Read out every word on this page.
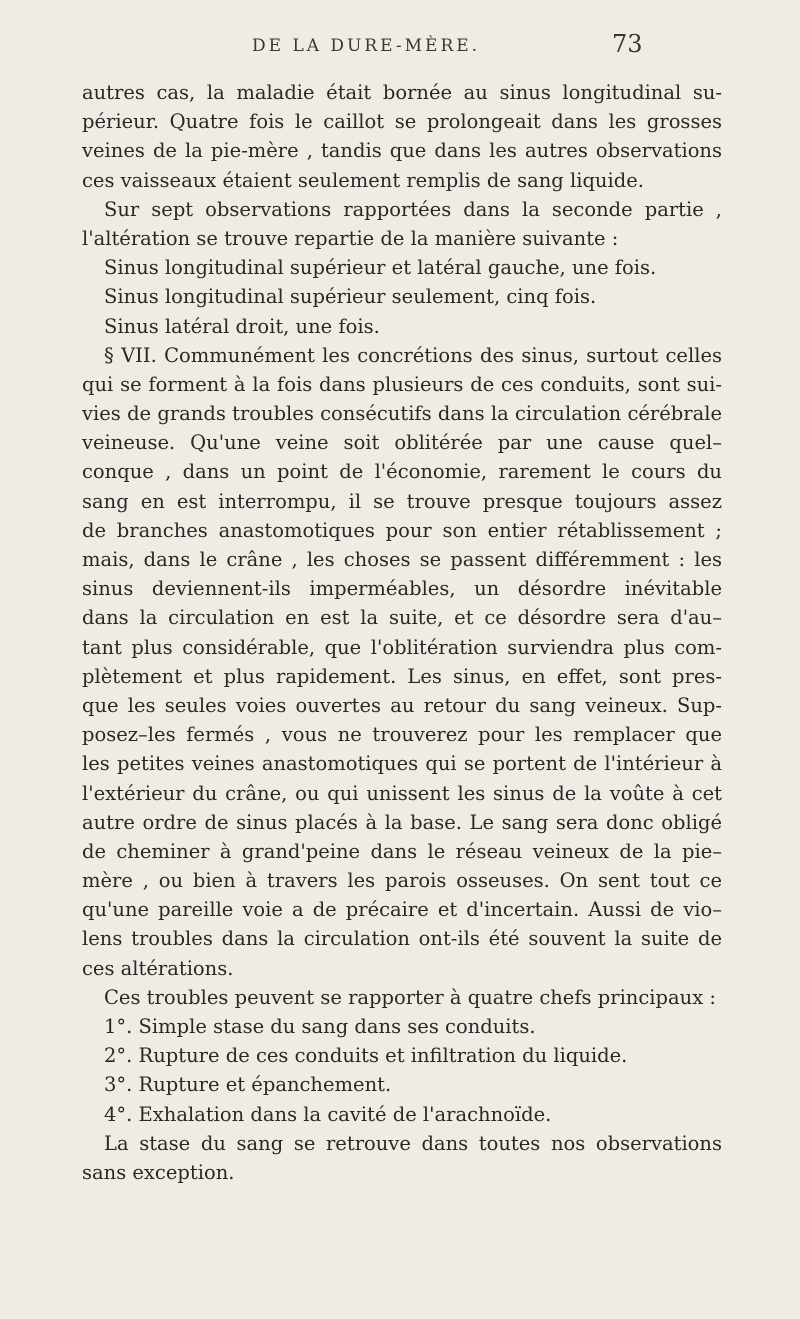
DE LA DURE-MÈRE.	73
autres cas, la maladie était bornée au sinus longitudinal su-
périeur. Quatre fois le caillot se prolongeait dans les grosses
veines de la pie-mère , tandis que dans les autres observations
ces vaisseaux étaient seulement remplis de sang liquide.
Sur sept observations rapportées dans la seconde partie ,
l'altération se trouve repartie de la manière suivante :
Sinus longitudinal supérieur et latéral gauche, une fois.
Sinus longitudinal supérieur seulement, cinq fois.
Sinus latéral droit, une fois.
§ VII. Communément les concrétions des sinus, surtout celles
qui se forment à la fois dans plusieurs de ces conduits, sont sui-
vies de grands troubles consécutifs dans la circulation cérébrale
veineuse. Qu'une veine soit oblitérée par une cause quel–
conque , dans un point de l'économie, rarement le cours du
sang en est interrompu, il se trouve presque toujours assez
de branches anastomotiques pour son entier rétablissement ;
mais, dans le crâne , les choses se passent différemment : les
sinus deviennent-ils imperméables, un désordre inévitable
dans la circulation en est la suite, et ce désordre sera d'au–
tant plus considérable, que l'oblitération surviendra plus com-
plètement et plus rapidement. Les sinus, en effet, sont pres-
que les seules voies ouvertes au retour du sang veineux. Sup-
posez–les fermés , vous ne trouverez pour les remplacer que
les petites veines anastomotiques qui se portent de l'intérieur à
l'extérieur du crâne, ou qui unissent les sinus de la voûte à cet
autre ordre de sinus placés à la base. Le sang sera donc obligé
de cheminer à grand'peine dans le réseau veineux de la pie–
mère , ou bien à travers les parois osseuses. On sent tout ce
qu'une pareille voie a de précaire et d'incertain. Aussi de vio–
lens troubles dans la circulation ont-ils été souvent la suite de
ces altérations.
Ces troubles peuvent se rapporter à quatre chefs principaux :
1°. Simple stase du sang dans ses conduits.
2°. Rupture de ces conduits et infiltration du liquide.
3°. Rupture et épanchement.
4°. Exhalation dans la cavité de l'arachnoïde.
La stase du sang se retrouve dans toutes nos observations
sans exception.
